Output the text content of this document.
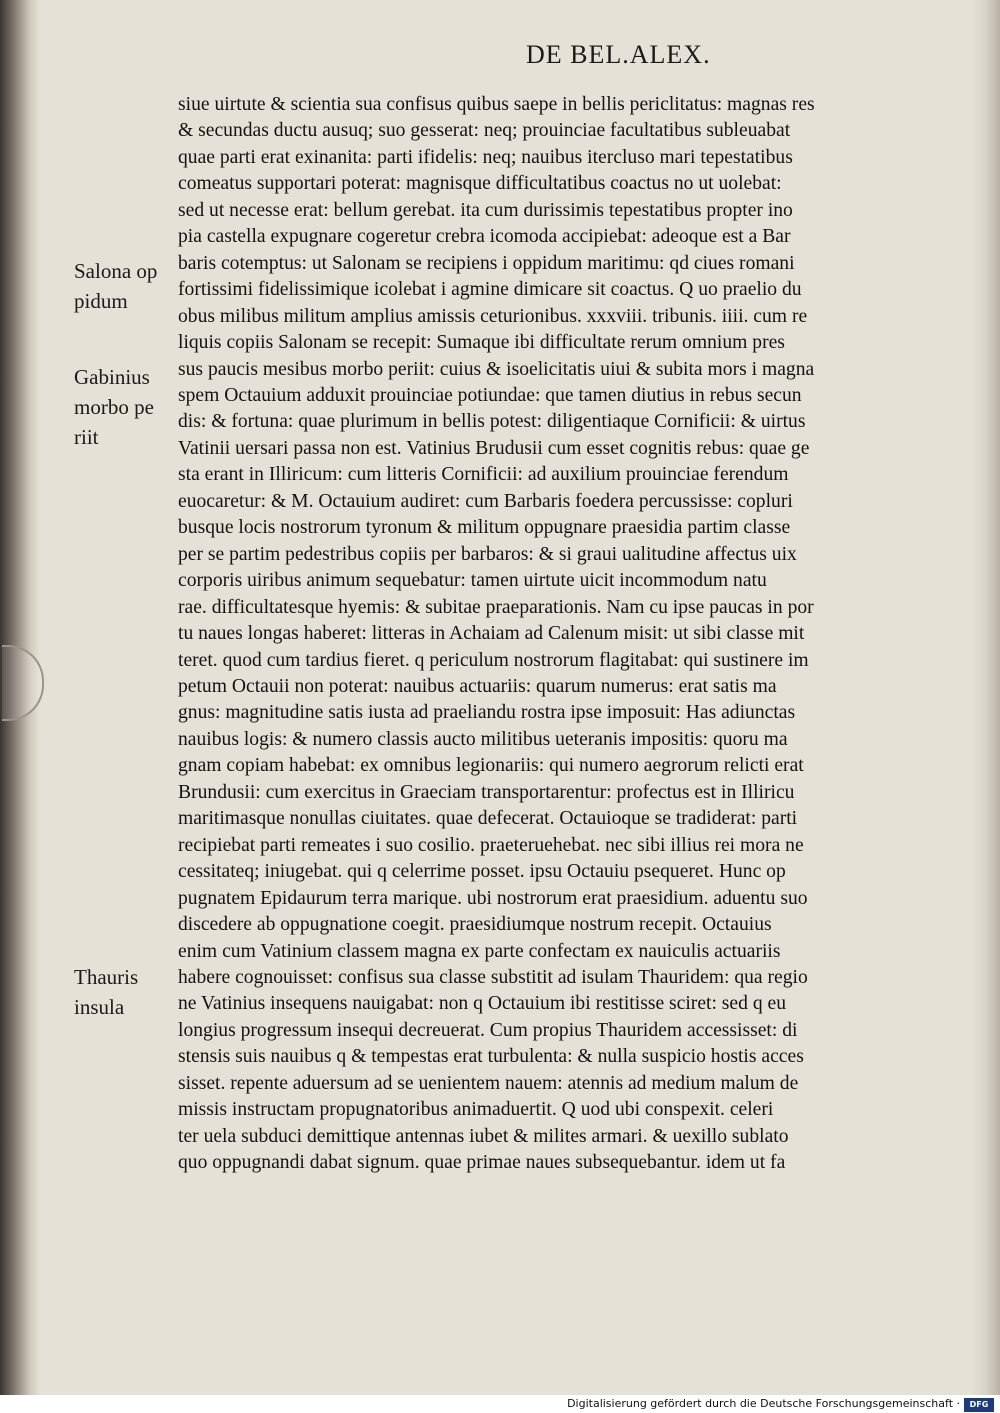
DE BEL.ALEX.
Salona op
pidum
Gabinius
morbo pe
riit
Thauris
insula
siue uirtute & scientia sua confisus quibus saepe in bellis periclitatus: magnas res
& secundas ductu ausuq; suo gesserat: neq; prouinciae facultatibus subleuabat
quae parti erat exinanita: parti ifidelis: neq; nauibus itercluso mari tepestatibus
comeatus supportari poterat: magnisque difficultatibus coactus no ut uolebat:
sed ut necesse erat: bellum gerebat. ita cum durissimis tepestatibus propter ino
pia castella expugnare cogeretur crebra icomoda accipiebat: adeoque est a Bar
baris cotemptus: ut Salonam se recipiens i oppidum maritimu: qd ciues romani
fortissimi fidelissimique icolebat i agmine dimicare sit coactus. Q uo praelio du
obus milibus militum amplius amissis ceturionibus. xxxviii. tribunis. iiii. cum re
liquis copiis Salonam se recepit: Sumaque ibi difficultate rerum omnium pres
sus paucis mesibus morbo periit: cuius & isoelicitatis uiui & subita mors i magna
spem Octauium adduxit prouinciae potiundae: que tamen diutius in rebus secun
dis: & fortuna: quae plurimum in bellis potest: diligentiaque Cornificii: & uirtus
Vatinii uersari passa non est. Vatinius Brudusii cum esset cognitis rebus: quae ge
sta erant in Illiricum: cum litteris Cornificii: ad auxilium prouinciae ferendum
euocaretur: & M. Octauium audiret: cum Barbaris foedera percussisse: copluri
busque locis nostrorum tyronum & militum oppugnare praesidia partim classe
per se partim pedestribus copiis per barbaros: & si graui ualitudine affectus uix
corporis uiribus animum sequebatur: tamen uirtute uicit incommodum natu
rae. difficultatesque hyemis: & subitae praeparationis. Nam cu ipse paucas in por
tu naues longas haberet: litteras in Achaiam ad Calenum misit: ut sibi classe mit
teret. quod cum tardius fieret. q periculum nostrorum flagitabat: qui sustinere im
petum Octauii non poterat: nauibus actuariis: quarum numerus: erat satis ma
gnus: magnitudine satis iusta ad praeliandu rostra ipse imposuit: Has adiunctas
nauibus logis: & numero classis aucto militibus ueteranis impositis: quoru ma
gnam copiam habebat: ex omnibus legionariis: qui numero aegrorum relicti erat
Brundusii: cum exercitus in Graeciam transportarentur: profectus est in Illiricu
maritimasque nonullas ciuitates. quae defecerat. Octauioque se tradiderat: parti
recipiebat parti remeates i suo cosilio. praeteruehebat. nec sibi illius rei mora ne
cessitateq; iniugebat. qui q celerrime posset. ipsu Octauiu psequeret. Hunc op
pugnatem Epidaurum terra marique. ubi nostrorum erat praesidium. aduentu suo
discedere ab oppugnatione coegit. praesidiumque nostrum recepit. Octauius
enim cum Vatinium classem magna ex parte confectam ex nauiculis actuariis
habere cognouisset: confisus sua classe substitit ad isulam Thauridem: qua regio
ne Vatinius insequens nauigabat: non q Octauium ibi restitisse sciret: sed q eu
longius progressum insequi decreuerat. Cum propius Thauridem accessisset: di
stensis suis nauibus q & tempestas erat turbulenta: & nulla suspicio hostis acces
sisset. repente aduersum ad se uenientem nauem: atennis ad medium malum de
missis instructam propugnatoribus animaduertit. Q uod ubi conspexit. celeri
ter uela subduci demittique antennas iubet & milites armari. & uexillo sublato
quo oppugnandi dabat signum. quae primae naues subsequebantur. idem ut fa
Digitalisierung gefördert durch die Deutsche Forschungsgemeinschaft ·	DFG
